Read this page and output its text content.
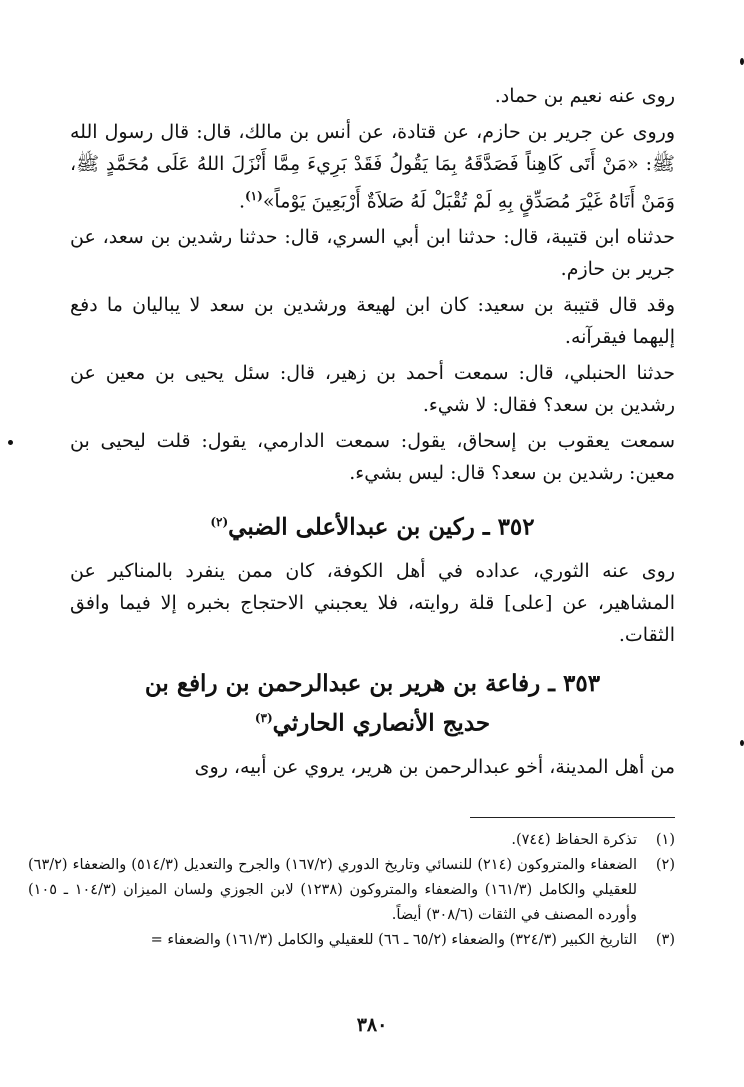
روى عنه نعيم بن حماد.

وروى عن جرير بن حازم، عن قتادة، عن أنس بن مالك، قال: قال رسول الله ﷺ: «مَنْ أَتَى كَاهِناً فَصَدَّقَهُ بِمَا يَقُولُ فَقَدْ بَرِيءَ مِمَّا أَنْزَلَ اللهُ عَلَى مُحَمَّدٍ ﷺ، وَمَنْ أَتَاهُ غَيْرَ مُصَدِّقٍ بِهِ لَمْ تُقْبَلْ لَهُ صَلاَةٌ أَرْبَعِينَ يَوْماً»$^{(١)}$.

حدثناه ابن قتيبة، قال: حدثنا ابن أبي السري، قال: حدثنا رشدين بن سعد، عن جرير بن حازم.

وقد قال قتيبة بن سعيد: كان ابن لهيعة ورشدين بن سعد لا يباليان ما دفع إليهما فيقرآنه.

حدثنا الحنبلي، قال: سمعت أحمد بن زهير، قال: سئل يحيى بن معين عن رشدين بن سعد؟ فقال: لا شيء.

سمعت يعقوب بن إسحاق، يقول: سمعت الدارمي، يقول: قلت ليحيى بن معين: رشدين بن سعد؟ قال: ليس بشيء.

٣٥٢ ـ ركين بن عبدالأعلى الضبي$^{(٢)}$

روى عنه الثوري، عداده في أهل الكوفة، كان ممن ينفرد بالمناكير عن المشاهير، عن [على] قلة روايته، فلا يعجبني الاحتجاج بخبره إلا فيما وافق الثقات.

٣٥٣ ـ رفاعة بن هرير بن عبدالرحمن بن رافع بن حديج الأنصاري الحارثي$^{(٣)}$

من أهل المدينة، أخو عبدالرحمن بن هرير، يروي عن أبيه، روى

(١)
تذكرة الحفاظ (٧٤٤).
(٢)
الضعفاء والمتروكون (٢١٤) للنسائي وتاريخ الدوري (١٦٧/٢) والجرح والتعديل (٥١٤/٣) والضعفاء (٦٣/٢) للعقيلي والكامل (١٦١/٣) والضعفاء والمتروكون (١٢٣٨) لابن الجوزي ولسان الميزان (١٠٤/٣ ـ ١٠٥) وأورده المصنف في الثقات (٣٠٨/٦) أيضاً.
(٣)
التاريخ الكبير (٣٢٤/٣) والضعفاء (٦٥/٢ ـ ٦٦) للعقيلي والكامل (١٦١/٣) والضعفاء =
٣٨٠
